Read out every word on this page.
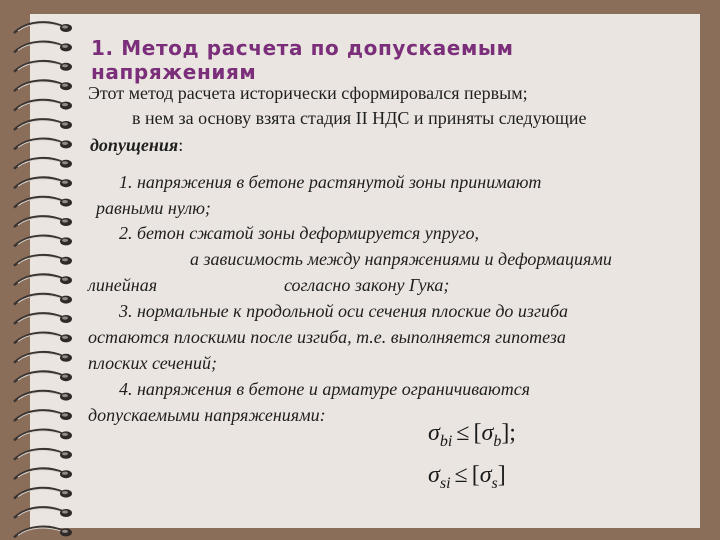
1. Метод расчета по допускаемым напряжениям
Этот метод расчета исторически сформировался первым;
в нем за основу взята стадия II НДС и приняты следующие
допущения:
1. напряжения в бетоне растянутой зоны принимают
равными нулю;
2. бетон сжатой зоны деформируется упруго,
а зависимость между напряжениями и деформациями
линейная	согласно закону Гука;
3. нормальные к продольной оси сечения плоские до изгиба
остаются плоскими после изгиба, т.е. выполняется гипотеза
плоских сечений;
4. напряжения в бетоне и арматуре ограничиваются
допускаемыми напряжениями:
$\sigma_{bi} \le [\sigma_b]$;
$\sigma_{si} \le [\sigma_s]$
